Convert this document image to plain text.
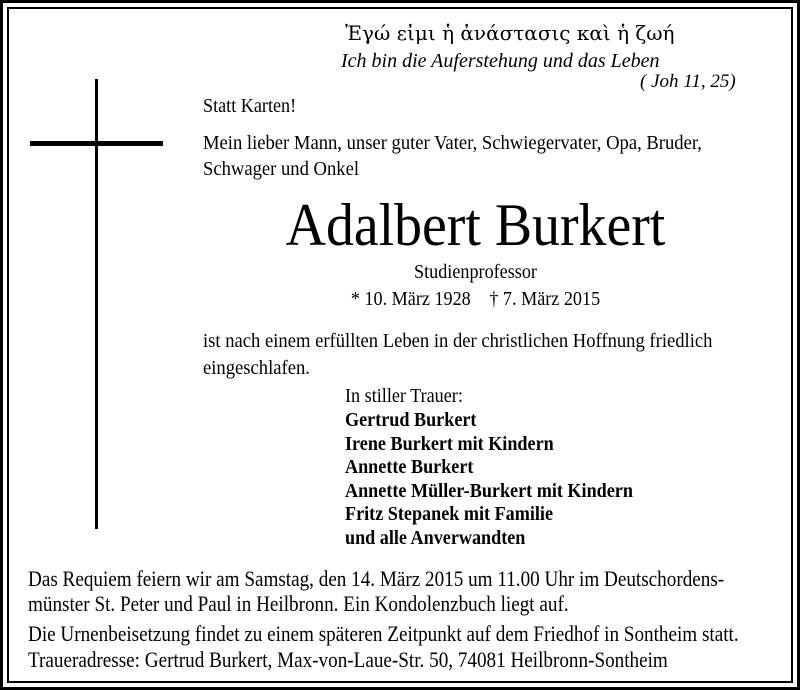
Ἐγώ εἰμι ἡ ἀνάστασις καὶ ἡ ζωή
Ich bin die Auferstehung und das Leben
( Joh 11, 25)
Statt Karten!
Mein lieber Mann, unser guter Vater, Schwiegervater, Opa, Bruder,
Schwager und Onkel
Adalbert Burkert
Studienprofessor
* 10. März 1928 † 7. März 2015
ist nach einem erfüllten Leben in der christlichen Hoffnung friedlich
eingeschlafen.
In stiller Trauer:
Gertrud Burkert
Irene Burkert mit Kindern
Annette Burkert
Annette Müller-Burkert mit Kindern
Fritz Stepanek mit Familie
und alle Anverwandten
Das Requiem feiern wir am Samstag, den 14. März 2015 um 11.00 Uhr im Deutschordens-
münster St. Peter und Paul in Heilbronn. Ein Kondolenzbuch liegt auf.
Die Urnenbeisetzung findet zu einem späteren Zeitpunkt auf dem Friedhof in Sontheim statt.
Traueradresse: Gertrud Burkert, Max-von-Laue-Str. 50, 74081 Heilbronn-Sontheim
